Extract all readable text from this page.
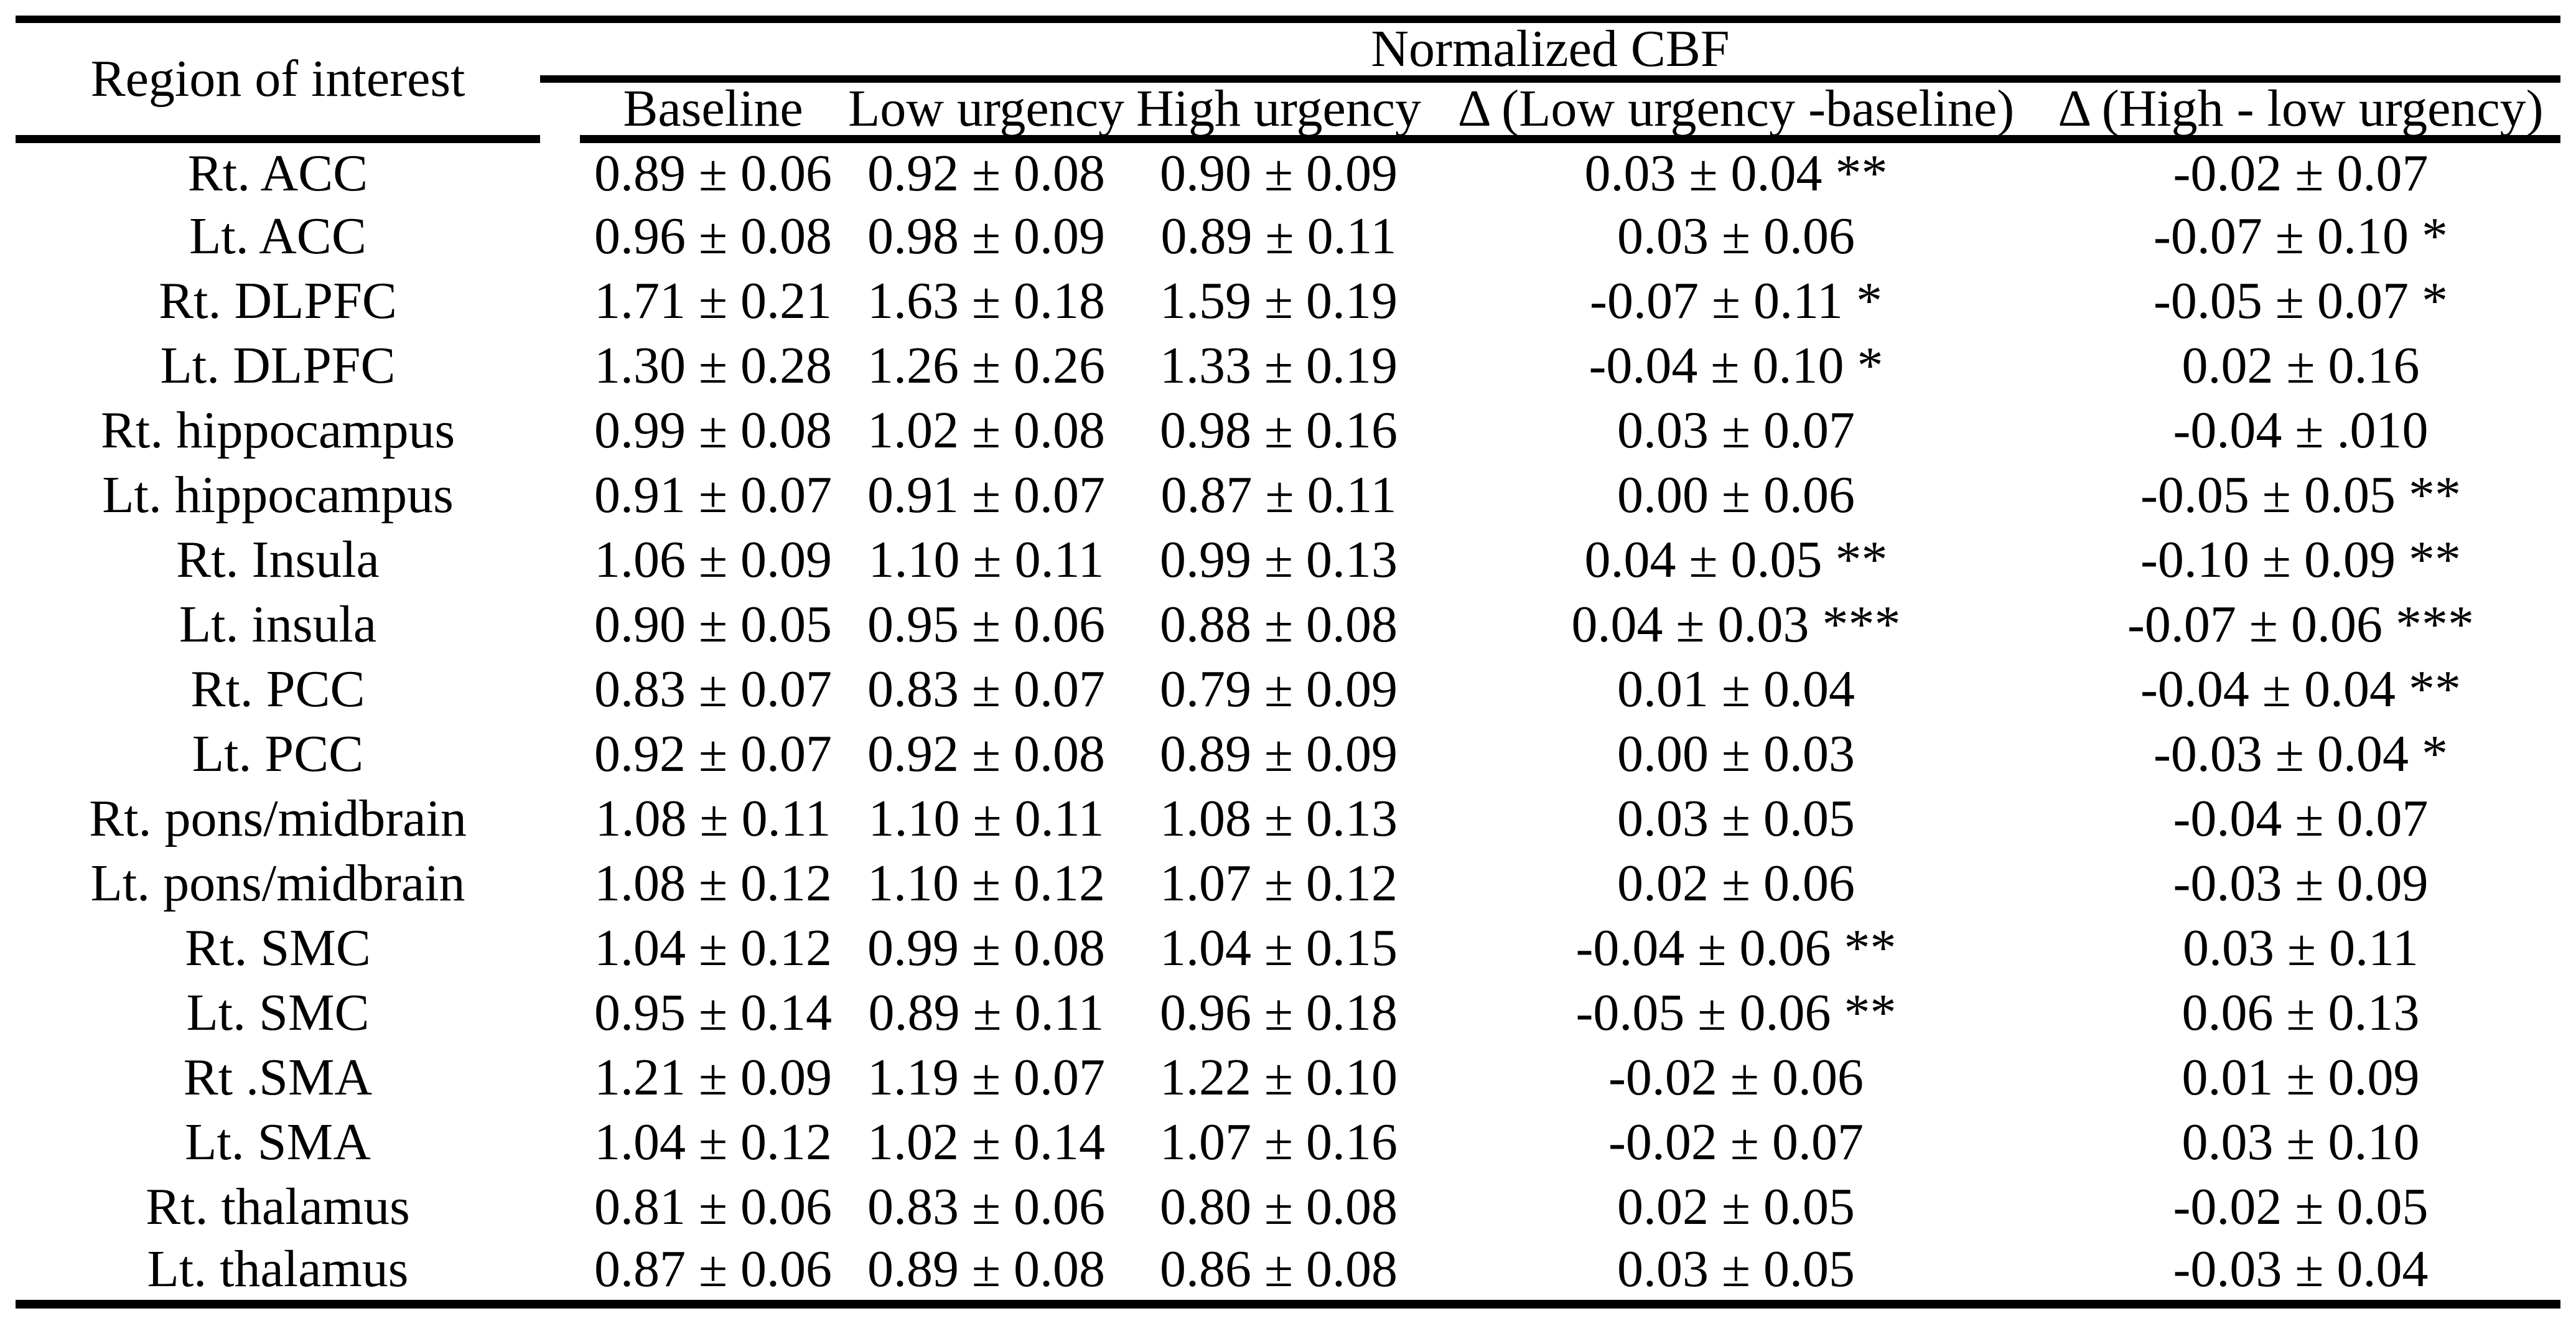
Region of interest	Normalized CBF					
		Baseline	Low urgency	High urgency	Δ (Low urgency -baseline)	Δ (High - low urgency)
Rt. ACC		0.89 ± 0.06	0.92 ± 0.08	0.90 ± 0.09	0.03 ± 0.04 **	-0.02 ± 0.07
Lt. ACC		0.96 ± 0.08	0.98 ± 0.09	0.89 ± 0.11	0.03 ± 0.06	-0.07 ± 0.10 *
Rt. DLPFC		1.71 ± 0.21	1.63 ± 0.18	1.59 ± 0.19	-0.07 ± 0.11 *	-0.05 ± 0.07 *
Lt. DLPFC		1.30 ± 0.28	1.26 ± 0.26	1.33 ± 0.19	-0.04 ± 0.10 *	0.02 ± 0.16
Rt. hippocampus		0.99 ± 0.08	1.02 ± 0.08	0.98 ± 0.16	0.03 ± 0.07	-0.04 ± .010
Lt. hippocampus		0.91 ± 0.07	0.91 ± 0.07	0.87 ± 0.11	0.00 ± 0.06	-0.05 ± 0.05 **
Rt. Insula		1.06 ± 0.09	1.10 ± 0.11	0.99 ± 0.13	0.04 ± 0.05 **	-0.10 ± 0.09 **
Lt. insula		0.90 ± 0.05	0.95 ± 0.06	0.88 ± 0.08	0.04 ± 0.03 ***	-0.07 ± 0.06 ***
Rt. PCC		0.83 ± 0.07	0.83 ± 0.07	0.79 ± 0.09	0.01 ± 0.04	-0.04 ± 0.04 **
Lt. PCC		0.92 ± 0.07	0.92 ± 0.08	0.89 ± 0.09	0.00 ± 0.03	-0.03 ± 0.04 *
Rt. pons/midbrain		1.08 ± 0.11	1.10 ± 0.11	1.08 ± 0.13	0.03 ± 0.05	-0.04 ± 0.07
Lt. pons/midbrain		1.08 ± 0.12	1.10 ± 0.12	1.07 ± 0.12	0.02 ± 0.06	-0.03 ± 0.09
Rt. SMC		1.04 ± 0.12	0.99 ± 0.08	1.04 ± 0.15	-0.04 ± 0.06 **	0.03 ± 0.11
Lt. SMC		0.95 ± 0.14	0.89 ± 0.11	0.96 ± 0.18	-0.05 ± 0.06 **	0.06 ± 0.13
Rt .SMA		1.21 ± 0.09	1.19 ± 0.07	1.22 ± 0.10	-0.02 ± 0.06	0.01 ± 0.09
Lt. SMA		1.04 ± 0.12	1.02 ± 0.14	1.07 ± 0.16	-0.02 ± 0.07	0.03 ± 0.10
Rt. thalamus		0.81 ± 0.06	0.83 ± 0.06	0.80 ± 0.08	0.02 ± 0.05	-0.02 ± 0.05
Lt. thalamus		0.87 ± 0.06	0.89 ± 0.08	0.86 ± 0.08	0.03 ± 0.05	-0.03 ± 0.04
